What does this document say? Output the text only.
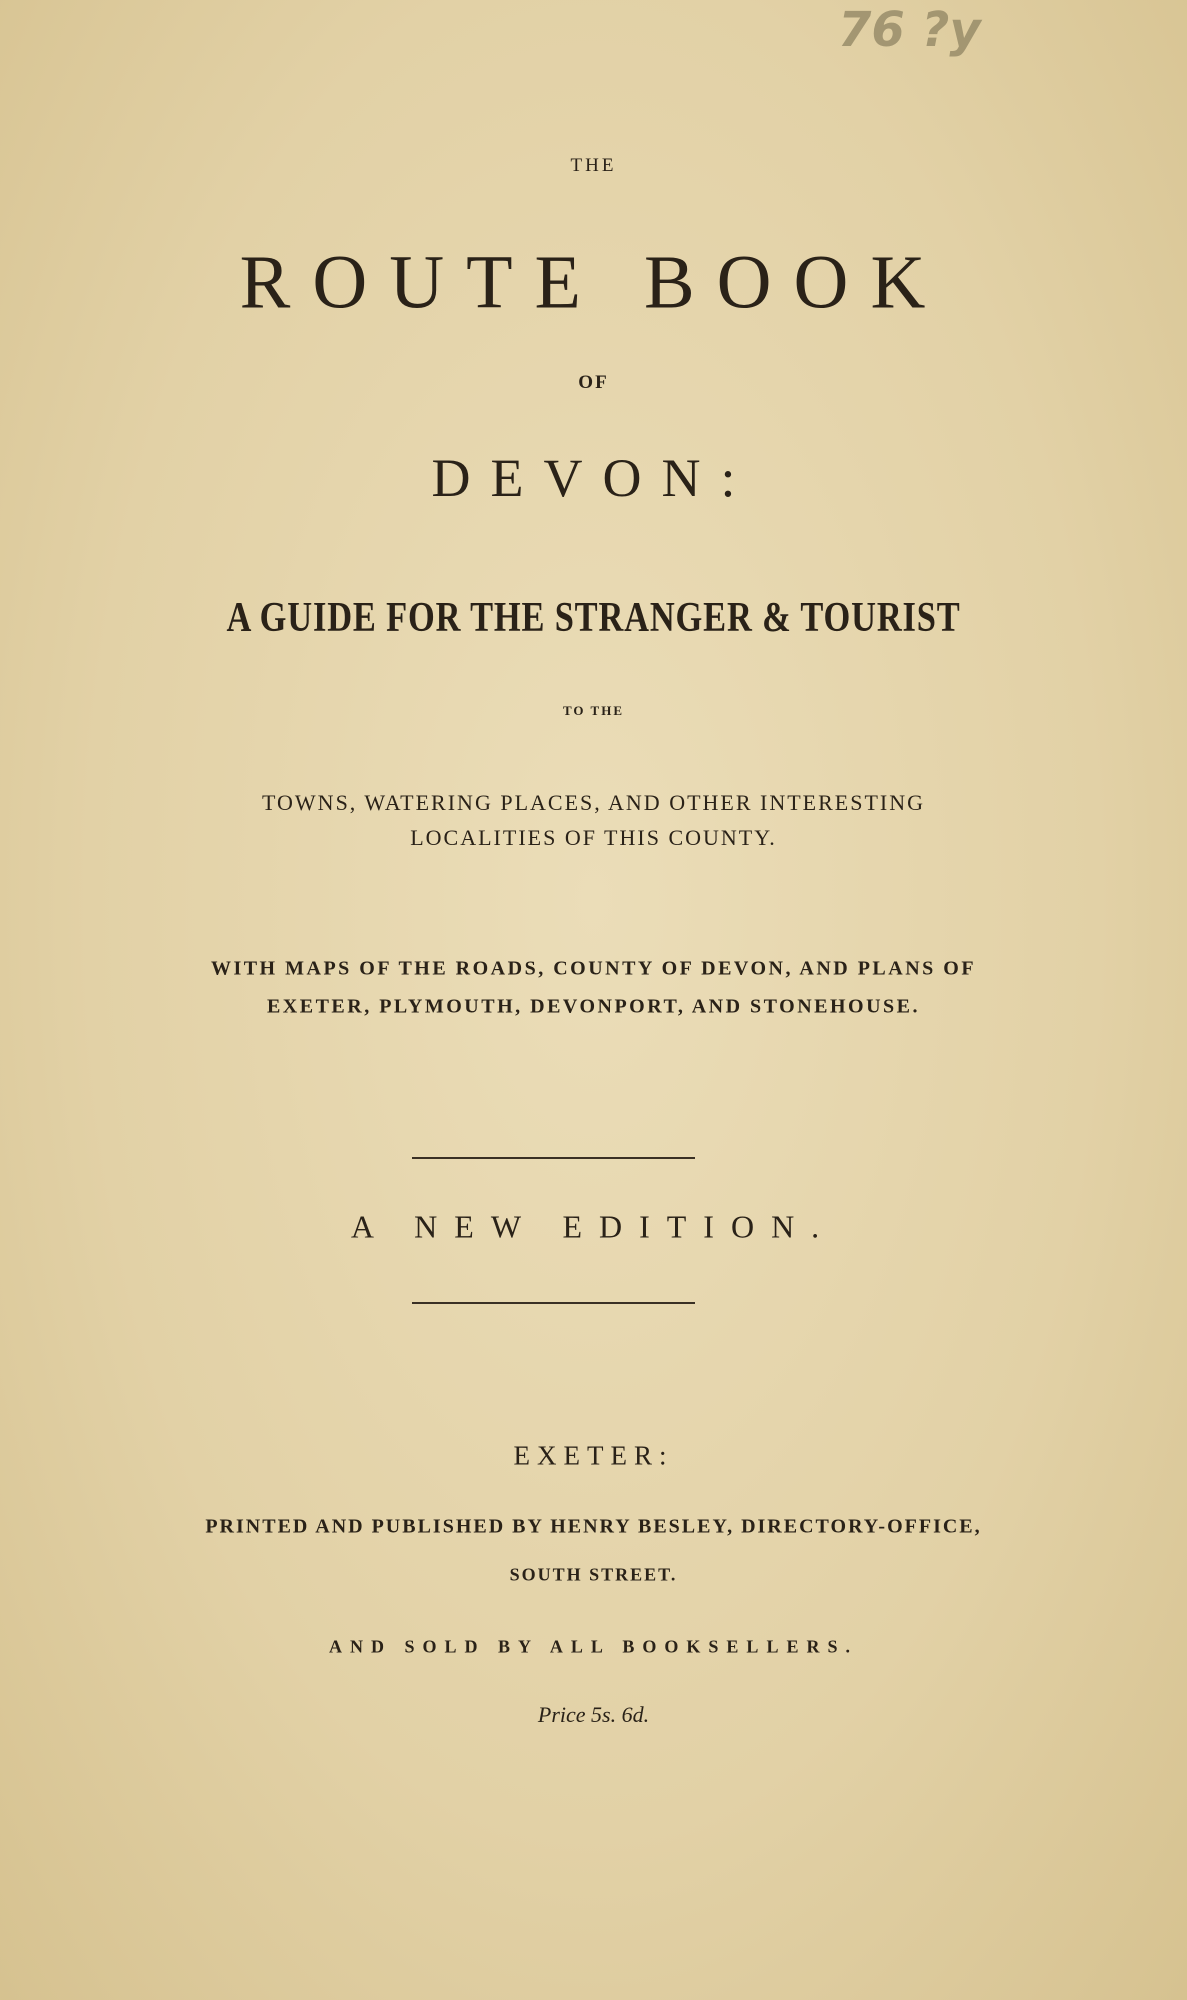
76 ?y
THE
ROUTE BOOK
OF
DEVON:
A GUIDE FOR THE STRANGER & TOURIST
TO THE
TOWNS, WATERING PLACES, AND OTHER INTERESTING
LOCALITIES OF THIS COUNTY.
WITH MAPS OF THE ROADS, COUNTY OF DEVON, AND PLANS OF
EXETER, PLYMOUTH, DEVONPORT, AND STONEHOUSE.
A NEW EDITION.
EXETER:
PRINTED AND PUBLISHED BY HENRY BESLEY, DIRECTORY-OFFICE,
SOUTH STREET.
AND SOLD BY ALL BOOKSELLERS.
Price 5s. 6d.
